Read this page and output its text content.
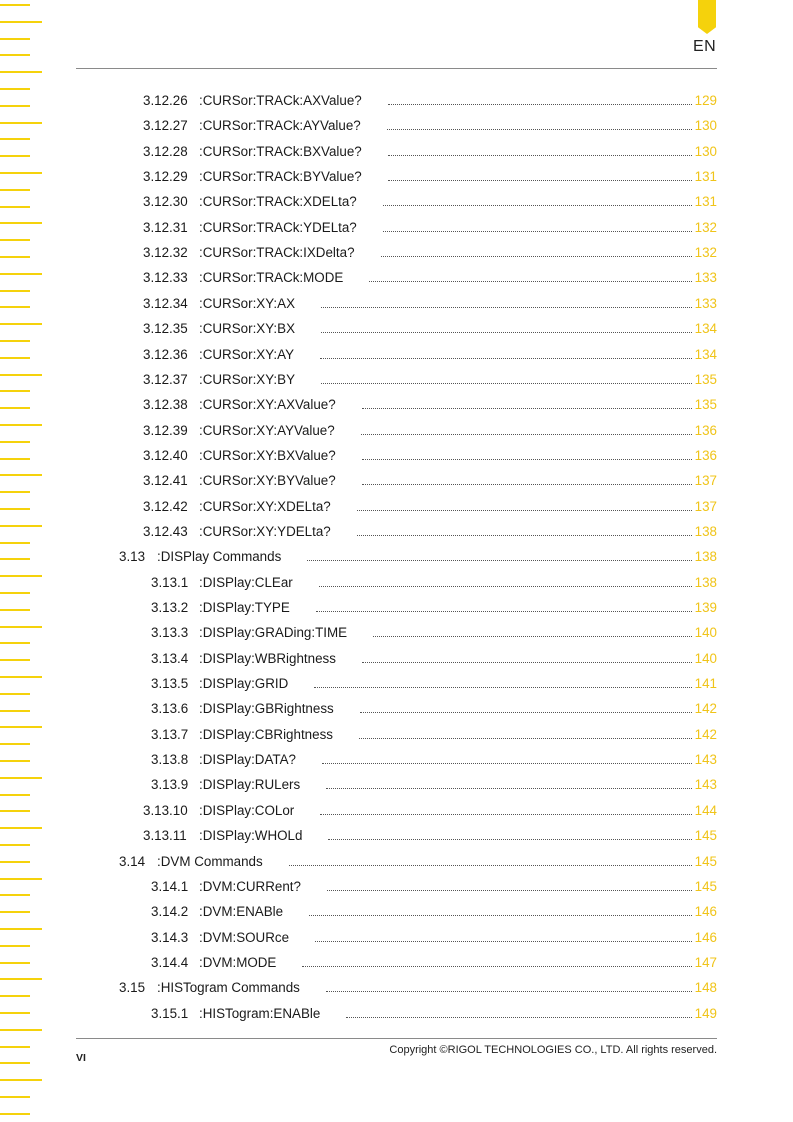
EN
3.12.26 :CURSor:TRACk:AXValue?	129
3.12.27 :CURSor:TRACk:AYValue?	130
3.12.28 :CURSor:TRACk:BXValue?	130
3.12.29 :CURSor:TRACk:BYValue?	131
3.12.30 :CURSor:TRACk:XDELta?	131
3.12.31 :CURSor:TRACk:YDELta?	132
3.12.32 :CURSor:TRACk:IXDelta?	132
3.12.33 :CURSor:TRACk:MODE	133
3.12.34 :CURSor:XY:AX	133
3.12.35 :CURSor:XY:BX	134
3.12.36 :CURSor:XY:AY	134
3.12.37 :CURSor:XY:BY	135
3.12.38 :CURSor:XY:AXValue?	135
3.12.39 :CURSor:XY:AYValue?	136
3.12.40 :CURSor:XY:BXValue?	136
3.12.41 :CURSor:XY:BYValue?	137
3.12.42 :CURSor:XY:XDELta?	137
3.12.43 :CURSor:XY:YDELta?	138
3.13 :DISPlay Commands	138
3.13.1 :DISPlay:CLEar	138
3.13.2 :DISPlay:TYPE	139
3.13.3 :DISPlay:GRADing:TIME	140
3.13.4 :DISPlay:WBRightness	140
3.13.5 :DISPlay:GRID	141
3.13.6 :DISPlay:GBRightness	142
3.13.7 :DISPlay:CBRightness	142
3.13.8 :DISPlay:DATA?	143
3.13.9 :DISPlay:RULers	143
3.13.10 :DISPlay:COLor	144
3.13.11 :DISPlay:WHOLd	145
3.14 :DVM Commands	145
3.14.1 :DVM:CURRent?	145
3.14.2 :DVM:ENABle	146
3.14.3 :DVM:SOURce	146
3.14.4 :DVM:MODE	147
3.15 :HISTogram Commands	148
3.15.1 :HISTogram:ENABle	149
VI
Copyright ©RIGOL TECHNOLOGIES CO., LTD. All rights reserved.
